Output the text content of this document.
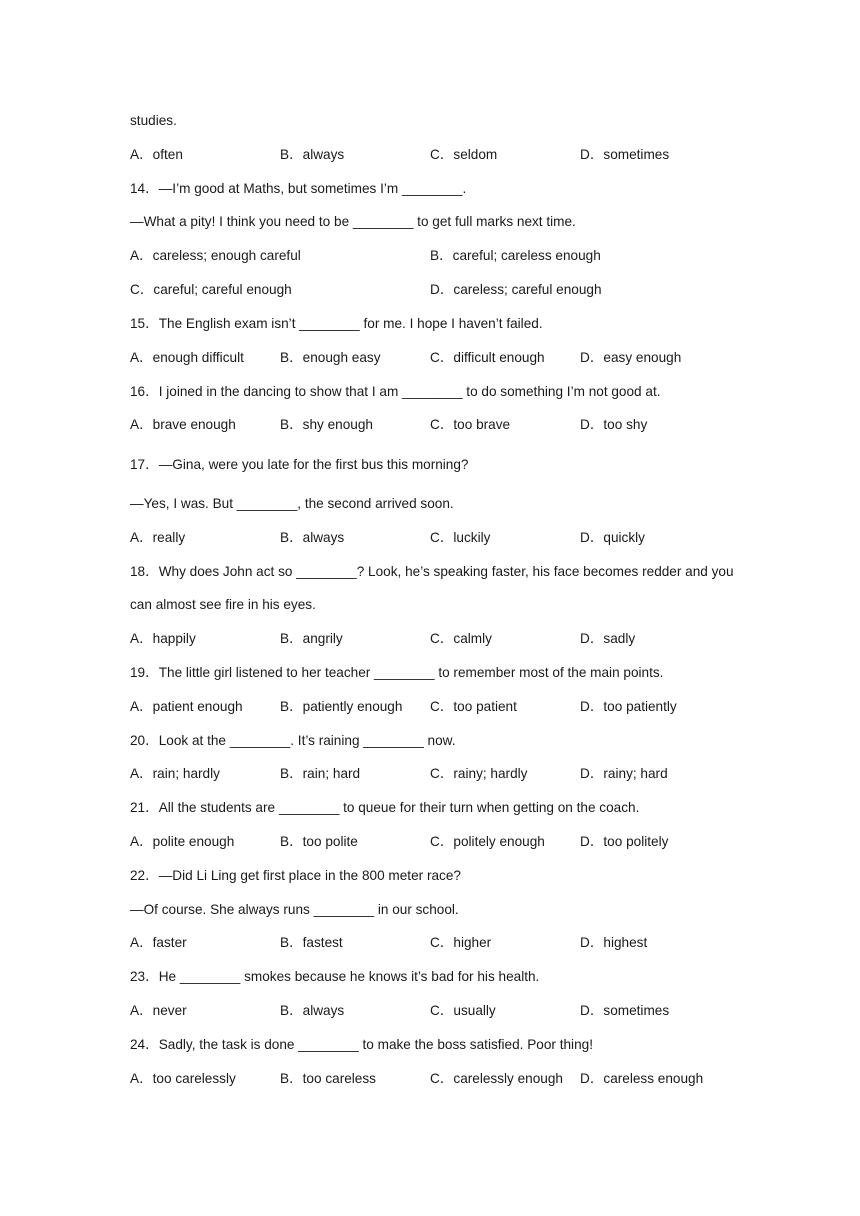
studies.
A．often	B．always	C．seldom	D．sometimes
14．—I’m good at Maths, but sometimes I’m ________.
—What a pity! I think you need to be ________ to get full marks next time.
A．careless; enough careful	B．careful; careless enough
C．careful; careful enough	D．careless; careful enough
15．The English exam isn’t ________ for me. I hope I haven’t failed.
A．enough difficult	B．enough easy	C．difficult enough	D．easy enough
16．I joined in the dancing to show that I am ________ to do something I’m not good at.
A．brave enough	B．shy enough	C．too brave	D．too shy
17．—Gina, were you late for the first bus this morning?
—Yes, I was. But ________, the second arrived soon.
A．really	B．always	C．luckily	D．quickly
18．Why does John act so ________? Look, he’s speaking faster, his face becomes redder and you
can almost see fire in his eyes.
A．happily	B．angrily	C．calmly	D．sadly
19．The little girl listened to her teacher ________ to remember most of the main points.
A．patient enough	B．patiently enough C．too patient	D．too patiently
20．Look at the ________. It’s raining ________ now.
A．rain; hardly	B．rain; hard	C．rainy; hardly	D．rainy; hard
21．All the students are ________ to queue for their turn when getting on the coach.
A．polite enough	B．too polite	C．politely enough	D．too politely
22．—Did Li Ling get first place in the 800 meter race?
—Of course. She always runs ________ in our school.
A．faster	B．fastest	C．higher	D．highest
23．He ________ smokes because he knows it’s bad for his health.
A．never	B．always	C．usually	D．sometimes
24．Sadly, the task is done ________ to make the boss satisfied. Poor thing!
A．too carelessly	B．too careless	C．carelessly enough D．careless enough
